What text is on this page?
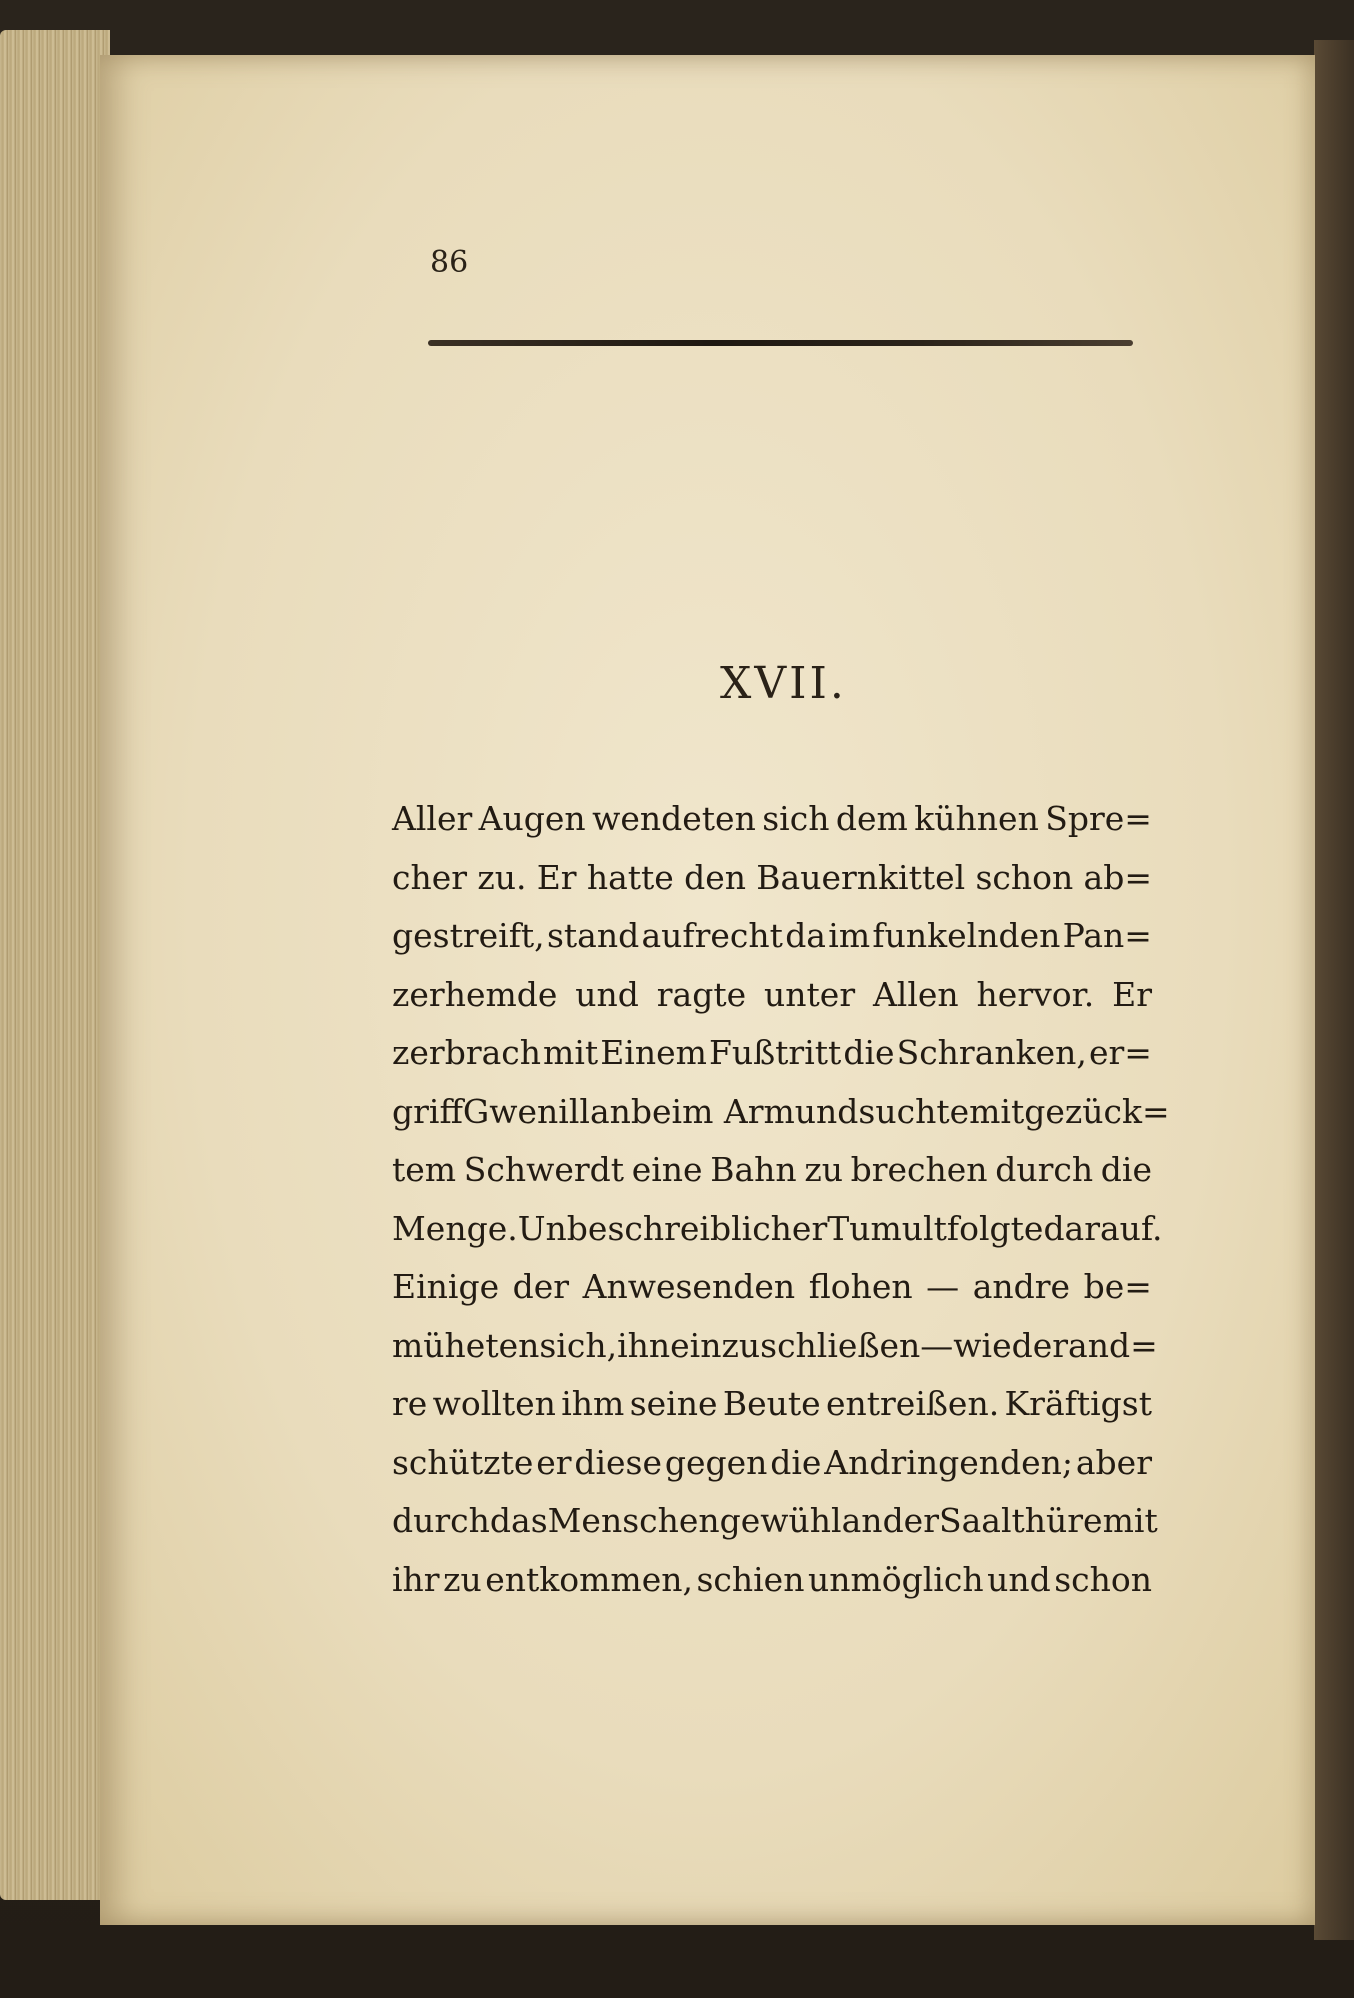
86
XVII.
Aller Augen wendeten sich dem kühnen Spre=
cher zu. Er hatte den Bauernkittel schon ab=
gestreift, stand aufrecht da im funkelnden Pan=
zerhemde und ragte unter Allen hervor. Er
zerbrach mit Einem Fußtritt die Schranken, er=
griff Gwenillan beim Arm und suchte mit gezück=
tem Schwerdt eine Bahn zu brechen durch die
Menge. Unbeschreiblicher Tumult folgte darauf.
Einige der Anwesenden flohen — andre be=
müheten sich, ihn einzuschließen — wieder and=
re wollten ihm seine Beute entreißen. Kräftigst
schützte er diese gegen die Andringenden; aber
durch das Menschengewühl an der Saalthüre mit
ihr zu entkommen, schien unmöglich und schon
